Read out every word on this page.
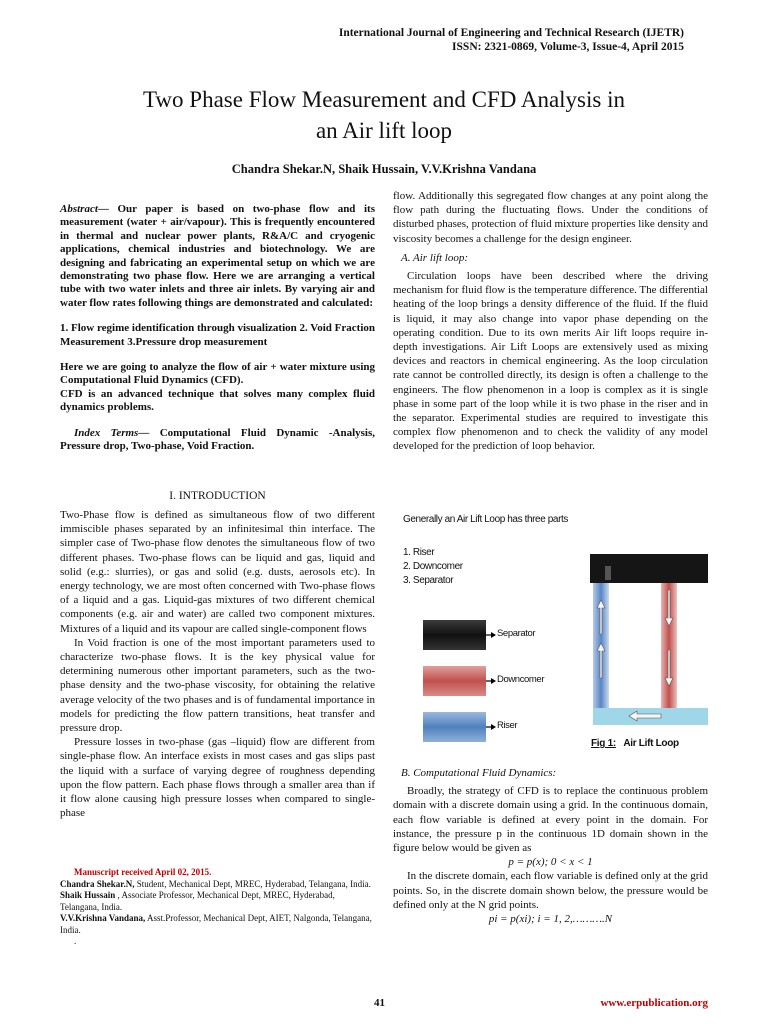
International Journal of Engineering and Technical Research (IJETR)
ISSN: 2321-0869, Volume-3, Issue-4, April 2015
Two Phase Flow Measurement and CFD Analysis in
an Air lift loop
Chandra Shekar.N, Shaik Hussain, V.V.Krishna Vandana

Abstract— Our paper is based on two-phase flow and its measurement (water + air/vapour). This is frequently encountered in thermal and nuclear power plants, R&A/C and cryogenic applications, chemical industries and biotechnology. We are designing and fabricating an experimental setup on which we are demonstrating two phase flow. Here we are arranging a vertical tube with two water inlets and three air inlets. By varying air and water flow rates following things are demonstrated and calculated:

1. Flow regime identification through visualization 2. Void Fraction Measurement 3.Pressure drop measurement

Here we are going to analyze the flow of air + water mixture using Computational Fluid Dynamics (CFD).

CFD is an advanced technique that solves many complex fluid dynamics problems.

Index Terms— Computational Fluid Dynamic -Analysis, Pressure drop, Two-phase, Void Fraction.

I. INTRODUCTION

Two-Phase flow is defined as simultaneous flow of two different immiscible phases separated by an infinitesimal thin interface. The simpler case of Two-phase flow denotes the simultaneous flow of two different phases. Two-phase flows can be liquid and gas, liquid and solid (e.g.: slurries), or gas and solid (e.g. dusts, aerosols etc). In energy technology, we are most often concerned with Two-phase flows of a liquid and a gas. Liquid-gas mixtures of two different chemical components (e.g. air and water) are called two component mixtures. Mixtures of a liquid and its vapour are called single-component flows

In Void fraction is one of the most important parameters used to characterize two-phase flows. It is the key physical value for determining numerous other important parameters, such as the two-phase density and the two-phase viscosity, for obtaining the relative average velocity of the two phases and is of fundamental importance in models for predicting the flow pattern transitions, heat transfer and pressure drop.

Pressure losses in two-phase (gas –liquid) flow are different from single-phase flow. An interface exists in most cases and gas slips past the liquid with a surface of varying degree of roughness depending upon the flow pattern. Each phase flows through a smaller area than if it flow alone causing high pressure losses when compared to single-phase

Manuscript received April 02, 2015.

Chandra Shekar.N, Student, Mechanical Dept, MREC, Hyderabad, Telangana, India.

Shaik Hussain , Associate Professor, Mechanical Dept, MREC, Hyderabad, Telangana, India.

V.V.Krishna Vandana, Asst.Professor, Mechanical Dept, AIET, Nalgonda, Telangana, India.

.

flow. Additionally this segregated flow changes at any point along the flow path during the fluctuating flows. Under the conditions of disturbed phases, protection of fluid mixture properties like density and viscosity becomes a challenge for the design engineer.

A. Air lift loop:

Circulation loops have been described where the driving mechanism for fluid flow is the temperature difference. The differential heating of the loop brings a density difference of the fluid. If the fluid is liquid, it may also change into vapor phase depending on the operating condition. Due to its own merits Air lift loops require in-depth investigations. Air Lift Loops are extensively used as mixing devices and reactors in chemical engineering. As the loop circulation rate cannot be controlled directly, its design is often a challenge to the engineers. The flow phenomenon in a loop is complex as it is single phase in some part of the loop while it is two phase in the riser and in the separator. Experimental studies are required to investigate this complex flow phenomenon and to check the validity of any model developed for the prediction of loop behavior.

Generally an Air Lift Loop has three parts
1. Riser
2. Downcomer
3. Separator
Separator
Downcomer
Riser
Fig 1: Air Lift Loop

B. Computational Fluid Dynamics:

Broadly, the strategy of CFD is to replace the continuous problem domain with a discrete domain using a grid. In the continuous domain, each flow variable is defined at every point in the domain. For instance, the pressure p in the continuous 1D domain shown in the figure below would be given as

p = p(x); 0 < x < 1

In the discrete domain, each flow variable is defined only at the grid points. So, in the discrete domain shown below, the pressure would be defined only at the N grid points.

pi = p(xi); i = 1, 2,……….N

41	www.erpublication.org
